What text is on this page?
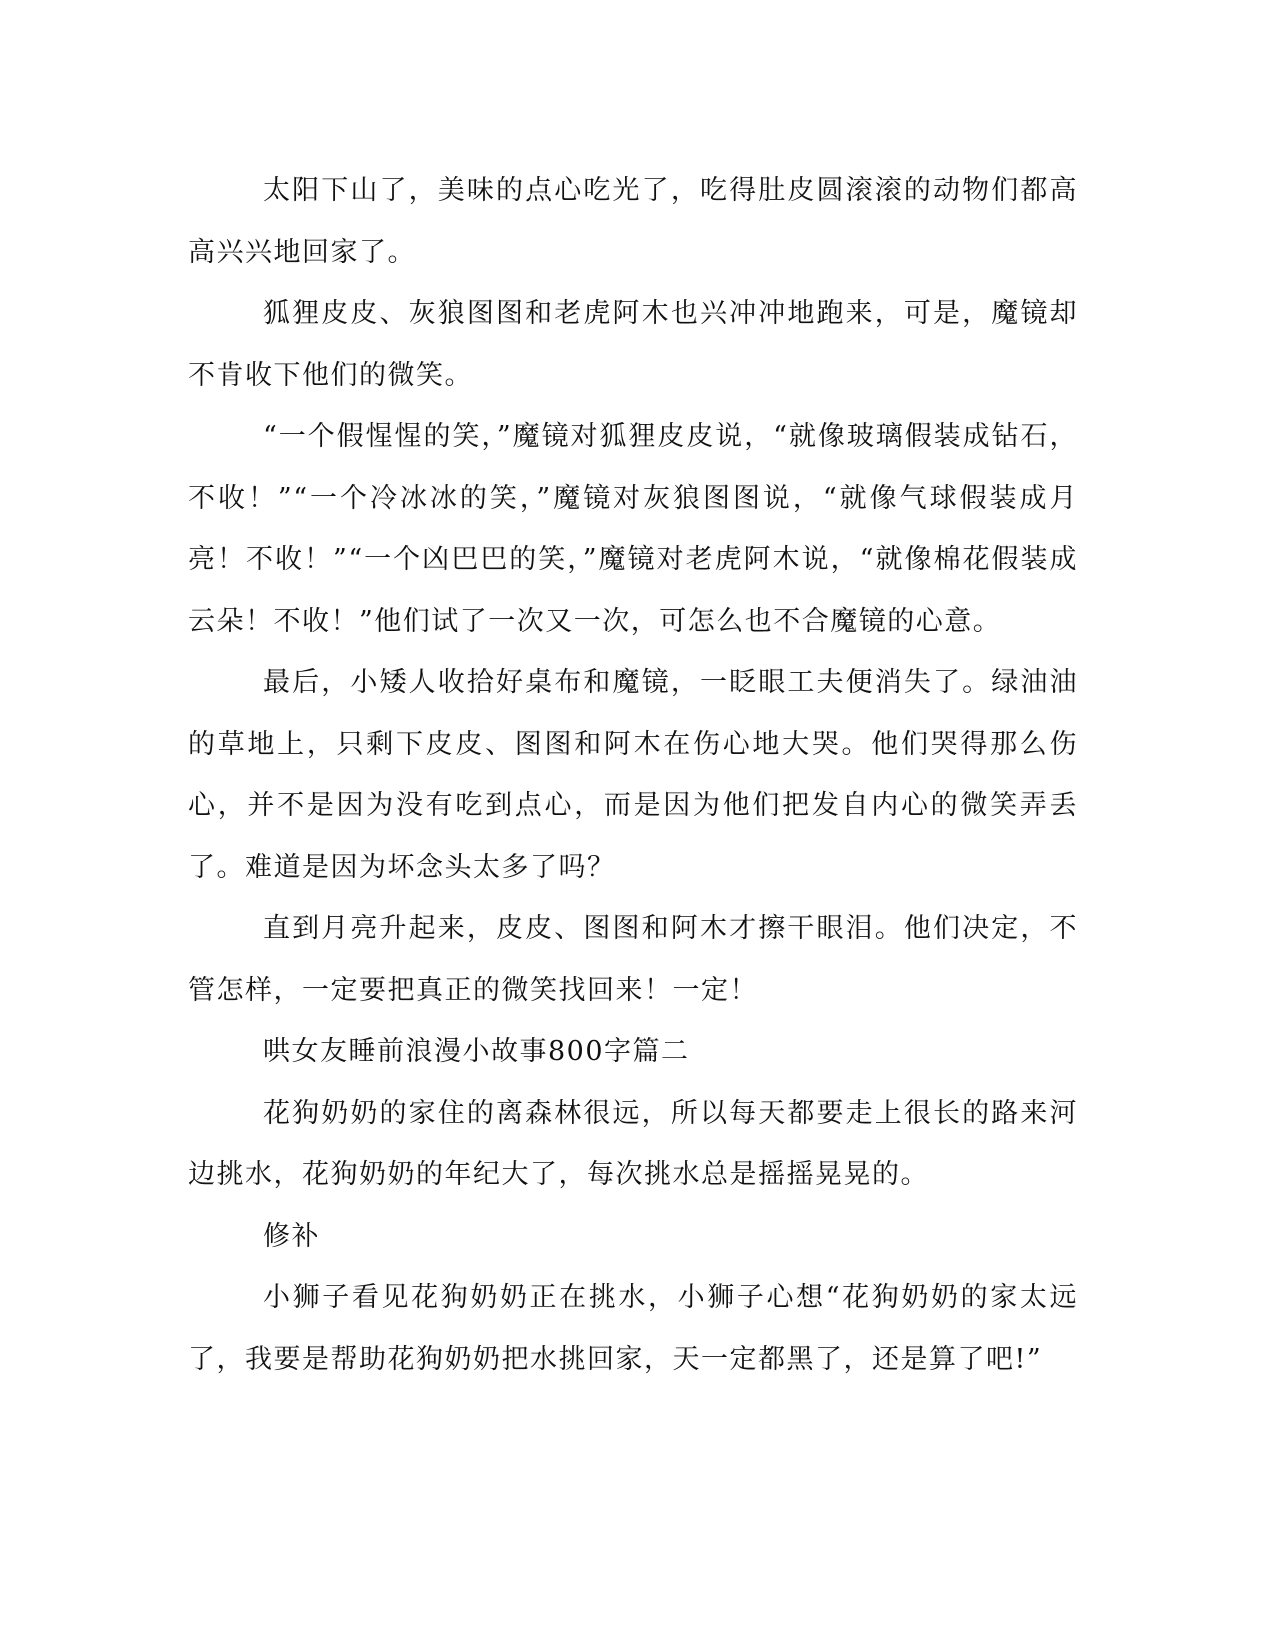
太阳下山了，美味的点心吃光了，吃得肚皮圆滚滚的动物们都高高兴兴地回家了。

狐狸皮皮、灰狼图图和老虎阿木也兴冲冲地跑来，可是，魔镜却不肯收下他们的微笑。

“一个假惺惺的笑，”魔镜对狐狸皮皮说，“就像玻璃假装成钻石，不收！”“一个冷冰冰的笑，”魔镜对灰狼图图说，“就像气球假装成月亮！不收！”“一个凶巴巴的笑，”魔镜对老虎阿木说，“就像棉花假装成云朵！不收！”他们试了一次又一次，可怎么也不合魔镜的心意。

最后，小矮人收拾好桌布和魔镜，一眨眼工夫便消失了。绿油油的草地上，只剩下皮皮、图图和阿木在伤心地大哭。他们哭得那么伤心，并不是因为没有吃到点心，而是因为他们把发自内心的微笑弄丢了。难道是因为坏念头太多了吗？

直到月亮升起来，皮皮、图图和阿木才擦干眼泪。他们决定，不管怎样，一定要把真正的微笑找回来！一定！

哄女友睡前浪漫小故事800字篇二

花狗奶奶的家住的离森林很远，所以每天都要走上很长的路来河边挑水，花狗奶奶的年纪大了，每次挑水总是摇摇晃晃的。

修补

小狮子看见花狗奶奶正在挑水，小狮子心想“花狗奶奶的家太远了，我要是帮助花狗奶奶把水挑回家，天一定都黑了，还是算了吧!”
